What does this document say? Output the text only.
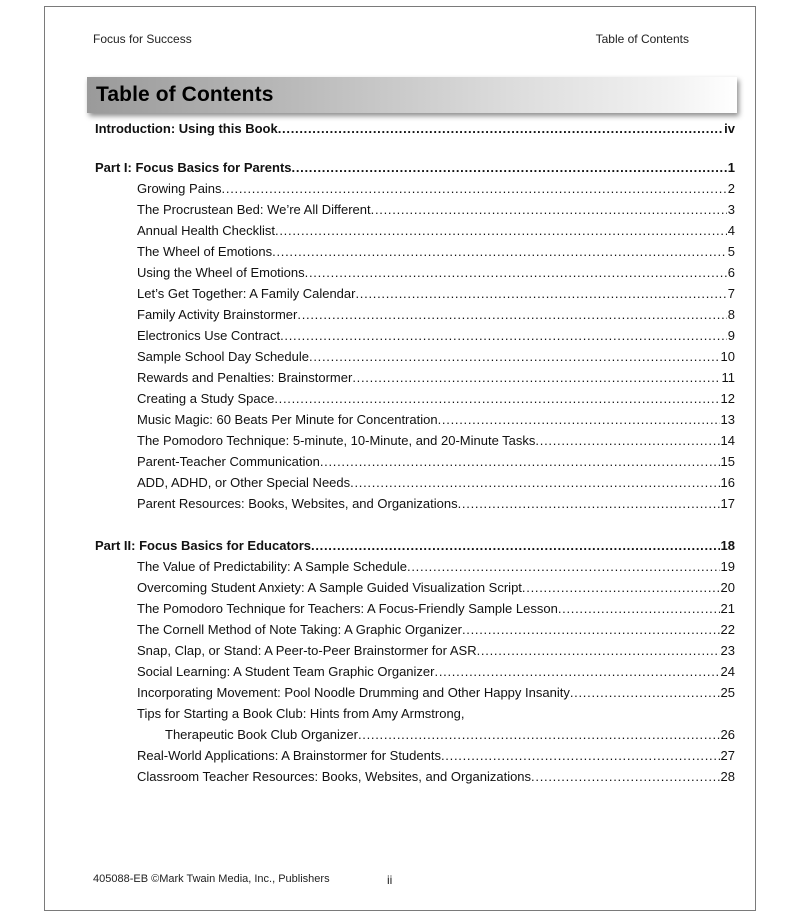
Focus for Success	Table of Contents
Table of Contents
Introduction: Using this Book . . .	iv
Part I: Focus Basics for Parents . . .	1
Growing Pains . . .	2
The Procrustean Bed: We’re All Different . . .	3
Annual Health Checklist . . .	4
The Wheel of Emotions . . .	5
Using the Wheel of Emotions . . .	6
Let’s Get Together: A Family Calendar . . .	7
Family Activity Brainstormer . . .	8
Electronics Use Contract . . .	9
Sample School Day Schedule . . .	10
Rewards and Penalties: Brainstormer . . .	11
Creating a Study Space . . .	12
Music Magic: 60 Beats Per Minute for Concentration . . .	13
The Pomodoro Technique: 5-minute, 10-Minute, and 20-Minute Tasks . . .	14
Parent-Teacher Communication . . .	15
ADD, ADHD, or Other Special Needs . . .	16
Parent Resources: Books, Websites, and Organizations . . .	17
Part II: Focus Basics for Educators . . .	18
The Value of Predictability: A Sample Schedule . . .	19
Overcoming Student Anxiety: A Sample Guided Visualization Script . . .	20
The Pomodoro Technique for Teachers: A Focus-Friendly Sample Lesson . . .	21
The Cornell Method of Note Taking: A Graphic Organizer . . .	22
Snap, Clap, or Stand: A Peer-to-Peer Brainstormer for ASR . . .	23
Social Learning: A Student Team Graphic Organizer . . .	24
Incorporating Movement: Pool Noodle Drumming and Other Happy Insanity . . .	25
Tips for Starting a Book Club: Hints from Amy Armstrong,
Therapeutic Book Club Organizer . . .	26
Real-World Applications: A Brainstormer for Students . . .	27
Classroom Teacher Resources: Books, Websites, and Organizations . . .	28
405088-EB ©Mark Twain Media, Inc., Publishers	ii
